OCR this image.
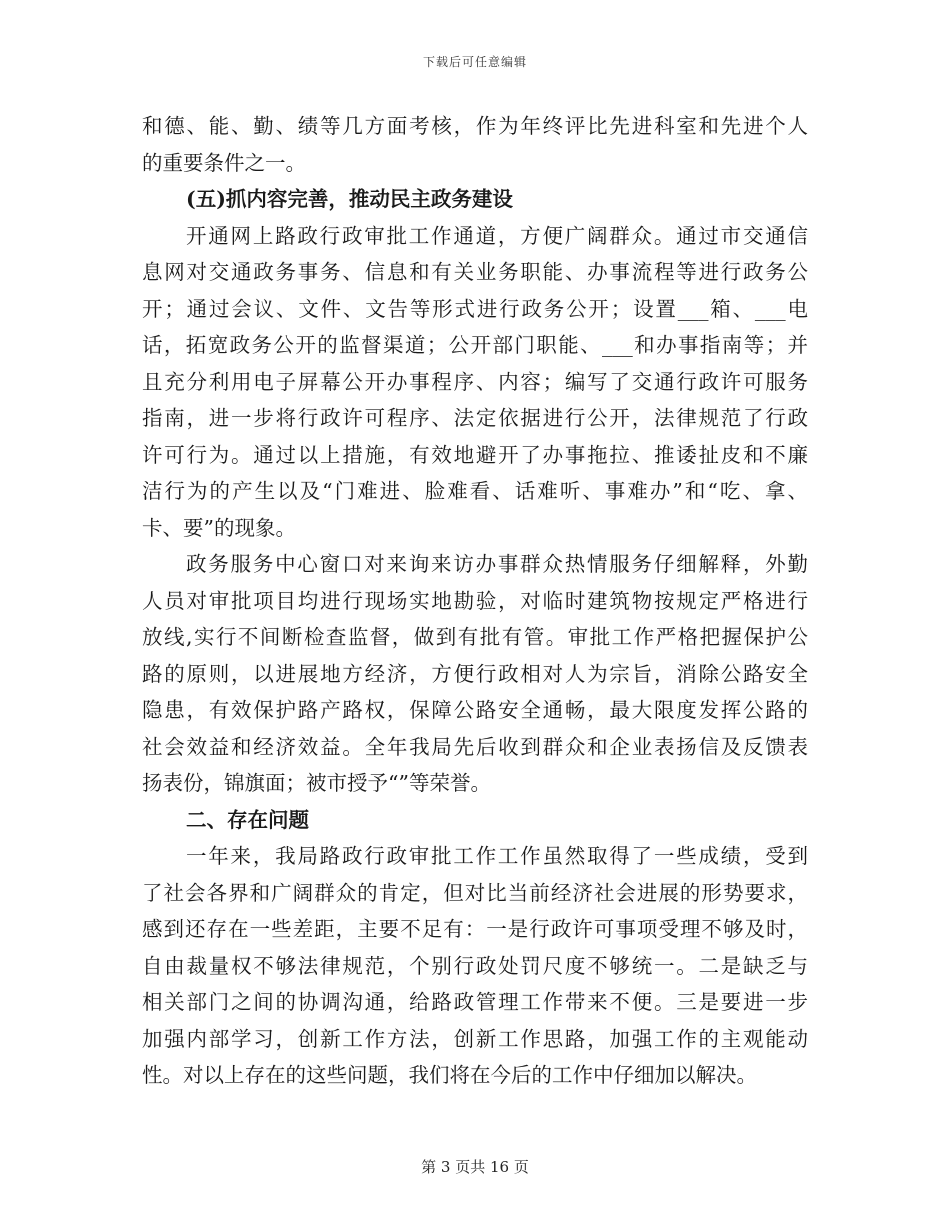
下载后可任意编辑
和德、能、勤、绩等几方面考核，作为年终评比先进科室和先进个人
的重要条件之一。
(五)抓内容完善，推动民主政务建设
开通网上路政行政审批工作通道，方便广阔群众。通过市交通信
息网对交通政务事务、信息和有关业务职能、办事流程等进行政务公
开；通过会议、文件、文告等形式进行政务公开；设置___箱、___电
话，拓宽政务公开的监督渠道；公开部门职能、___和办事指南等；并
且充分利用电子屏幕公开办事程序、内容；编写了交通行政许可服务
指南，进一步将行政许可程序、法定依据进行公开，法律规范了行政
许可行为。通过以上措施，有效地避开了办事拖拉、推诿扯皮和不廉
洁行为的产生以及“门难进、脸难看、话难听、事难办”和“吃、拿、
卡、要”的现象。
政务服务中心窗口对来询来访办事群众热情服务仔细解释，外勤
人员对审批项目均进行现场实地勘验，对临时建筑物按规定严格进行
放线,实行不间断检查监督，做到有批有管。审批工作严格把握保护公
路的原则，以进展地方经济，方便行政相对人为宗旨，消除公路安全
隐患，有效保护路产路权，保障公路安全通畅，最大限度发挥公路的
社会效益和经济效益。全年我局先后收到群众和企业表扬信及反馈表
扬表份，锦旗面；被市授予“”等荣誉。
二、存在问题
一年来，我局路政行政审批工作工作虽然取得了一些成绩，受到
了社会各界和广阔群众的肯定，但对比当前经济社会进展的形势要求，
感到还存在一些差距，主要不足有：一是行政许可事项受理不够及时，
自由裁量权不够法律规范，个别行政处罚尺度不够统一。二是缺乏与
相关部门之间的协调沟通，给路政管理工作带来不便。三是要进一步
加强内部学习，创新工作方法，创新工作思路，加强工作的主观能动
性。对以上存在的这些问题，我们将在今后的工作中仔细加以解决。
第 3 页共 16 页
